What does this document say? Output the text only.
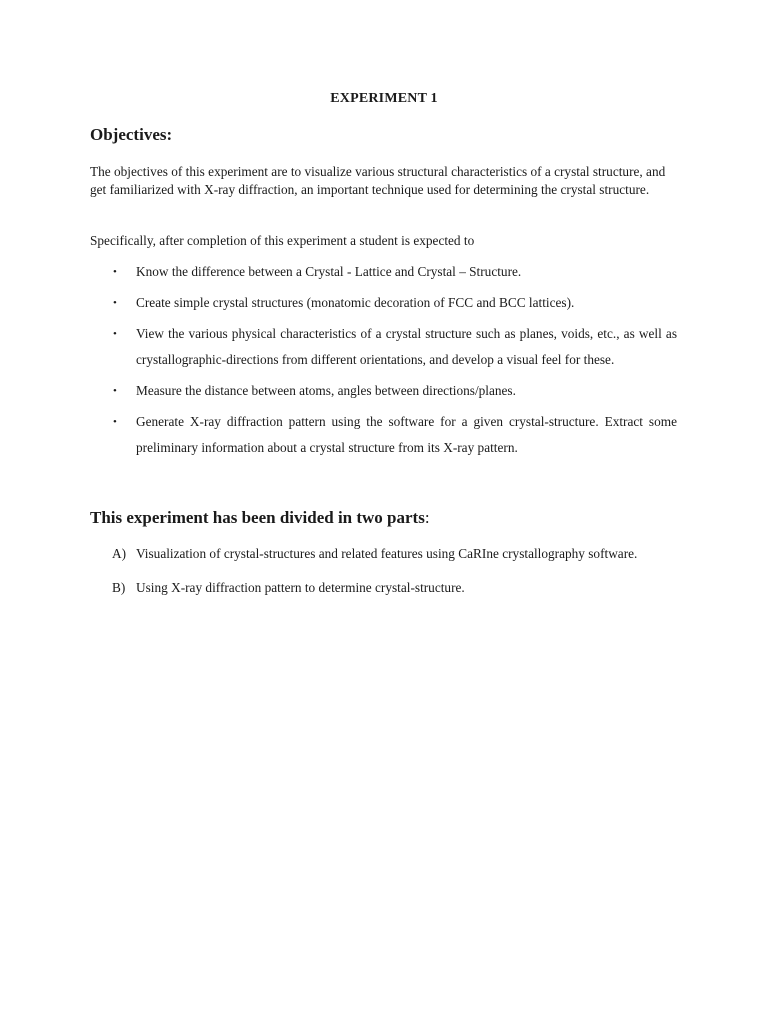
EXPERIMENT 1
Objectives:

The objectives of this experiment are to visualize various structural characteristics of a crystal structure, and get familiarized with X-ray diffraction, an important technique used for determining the crystal structure.

Specifically, after completion of this experiment a student is expected to

• Know the difference between a Crystal - Lattice and Crystal – Structure.
• Create simple crystal structures (monatomic decoration of FCC and BCC lattices).
• View the various physical characteristics of a crystal structure such as planes, voids, etc., as well as crystallographic-directions from different orientations, and develop a visual feel for these.
• Measure the distance between atoms, angles between directions/planes.
• Generate X-ray diffraction pattern using the software for a given crystal-structure. Extract some preliminary information about a crystal structure from its X-ray pattern.
This experiment has been divided in two parts:
A) Visualization of crystal-structures and related features using CaRIne crystallography software.
B) Using X-ray diffraction pattern to determine crystal-structure.
